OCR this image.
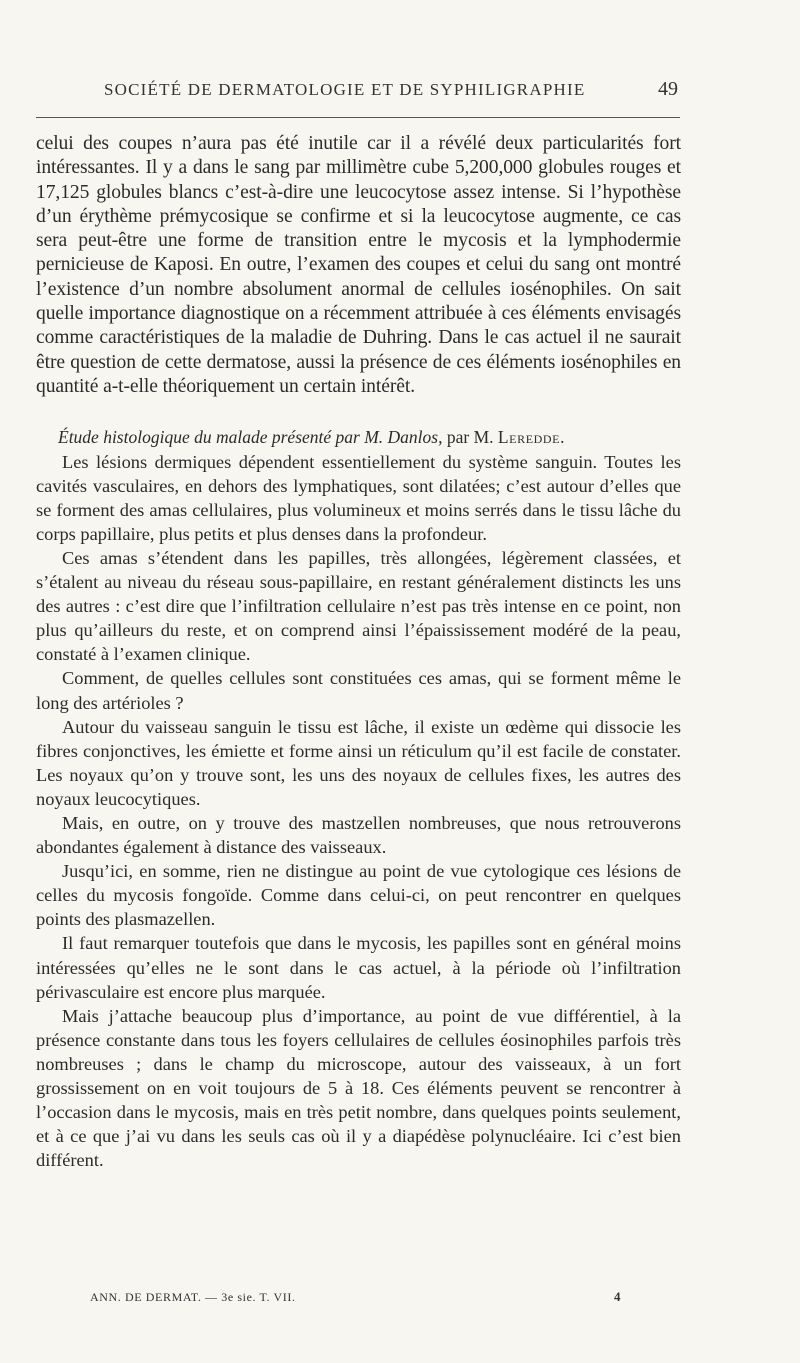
SOCIÉTÉ DE DERMATOLOGIE ET DE SYPHILIGRAPHIE	49

celui des coupes n’aura pas été inutile car il a révélé deux particularités fort intéressantes. Il y a dans le sang par millimètre cube 5,200,000 globules rouges et 17,125 globules blancs c’est-à-dire une leucocytose assez intense. Si l’hypothèse d’un érythème prémycosique se confirme et si la leucocytose augmente, ce cas sera peut-être une forme de transition entre le mycosis et la lymphodermie pernicieuse de Kaposi. En outre, l’examen des coupes et celui du sang ont montré l’existence d’un nombre absolument anormal de cellules iosénophiles. On sait quelle importance diagnostique on a récemment attribuée à ces éléments envisagés comme caractéristiques de la maladie de Duhring. Dans le cas actuel il ne saurait être question de cette dermatose, aussi la présence de ces éléments iosénophiles en quantité a-t-elle théoriquement un certain intérêt.

Étude histologique du malade présenté par M. Danlos, par M. Leredde.

Les lésions dermiques dépendent essentiellement du système sanguin. Toutes les cavités vasculaires, en dehors des lymphatiques, sont dilatées; c’est autour d’elles que se forment des amas cellulaires, plus volumineux et moins serrés dans le tissu lâche du corps papillaire, plus petits et plus denses dans la profondeur.

Ces amas s’étendent dans les papilles, très allongées, légèrement classées, et s’étalent au niveau du réseau sous-papillaire, en restant généralement distincts les uns des autres : c’est dire que l’infiltration cellulaire n’est pas très intense en ce point, non plus qu’ailleurs du reste, et on comprend ainsi l’épaississement modéré de la peau, constaté à l’examen clinique.

Comment, de quelles cellules sont constituées ces amas, qui se forment même le long des artérioles ?

Autour du vaisseau sanguin le tissu est lâche, il existe un œdème qui dissocie les fibres conjonctives, les émiette et forme ainsi un réticulum qu’il est facile de constater. Les noyaux qu’on y trouve sont, les uns des noyaux de cellules fixes, les autres des noyaux leucocytiques.

Mais, en outre, on y trouve des mastzellen nombreuses, que nous retrouverons abondantes également à distance des vaisseaux.

Jusqu’ici, en somme, rien ne distingue au point de vue cytologique ces lésions de celles du mycosis fongoïde. Comme dans celui-ci, on peut rencontrer en quelques points des plasmazellen.

Il faut remarquer toutefois que dans le mycosis, les papilles sont en général moins intéressées qu’elles ne le sont dans le cas actuel, à la période où l’infiltration périvasculaire est encore plus marquée.

Mais j’attache beaucoup plus d’importance, au point de vue différentiel, à la présence constante dans tous les foyers cellulaires de cellules éosinophiles parfois très nombreuses ; dans le champ du microscope, autour des vaisseaux, à un fort grossissement on en voit toujours de 5 à 18. Ces éléments peuvent se rencontrer à l’occasion dans le mycosis, mais en très petit nombre, dans quelques points seulement, et à ce que j’ai vu dans les seuls cas où il y a diapédèse polynucléaire. Ici c’est bien différent.

ANN. DE DERMAT. — 3e sie. T. VII.	4
